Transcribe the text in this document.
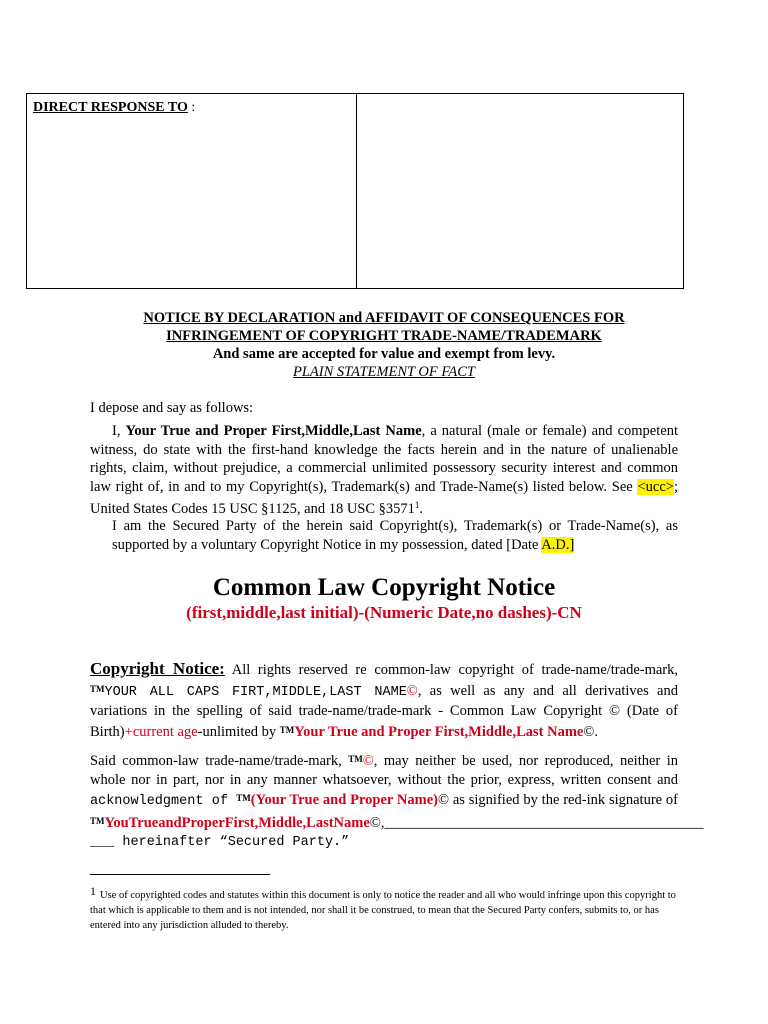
DIRECT RESPONSE TO :
NOTICE BY DECLARATION and AFFIDAVIT OF CONSEQUENCES FOR
INFRINGEMENT OF COPYRIGHT TRADE-NAME/TRADEMARK
And same are accepted for value and exempt from levy.
PLAIN STATEMENT OF FACT
I depose and say as follows:
I, Your True and Proper First,Middle,Last Name, a natural (male or female) and competent witness, do state with the first-hand knowledge the facts herein and in the nature of unalienable rights, claim, without prejudice, a commercial unlimited possessory security interest and common law right of, in and to my Copyright(s), Trademark(s) and Trade-Name(s) listed below. See <ucc>; United States Codes 15 USC §1125, and 18 USC §3571$^1$.
I am the Secured Party of the herein said Copyright(s), Trademark(s) or Trade-Name(s), as supported by a voluntary Copyright Notice in my possession, dated [Date A.D.]
Common Law Copyright Notice
(first,middle,last initial)-(Numeric Date,no dashes)-CN
Copyright Notice: All rights reserved re common-law copyright of trade-name/trade-mark, ™YOUR ALL CAPS FIRT,MIDDLE,LAST NAME©, as well as any and all derivatives and variations in the spelling of said trade-name/trade-mark - Common Law Copyright © (Date of Birth)+current age-unlimited by ™Your True and Proper First,Middle,Last Name©.
Said common-law trade-name/trade-mark, ™©, may neither be used, nor reproduced, neither in whole nor in part, nor in any manner whatsoever, without the prior, express, written consent and acknowledgment of ™(Your True and Proper Name)© as signified by the red-ink signature of ™YouTrueandProperFirst,Middle,LastName©,____________________________________________
___ hereinafter “Secured Party.”
1 Use of copyrighted codes and statutes within this document is only to notice the reader and all who would infringe upon this copyright to that which is applicable to them and is not intended, nor shall it be construed, to mean that the Secured Party confers, submits to, or has entered into any jurisdiction alluded to thereby.
